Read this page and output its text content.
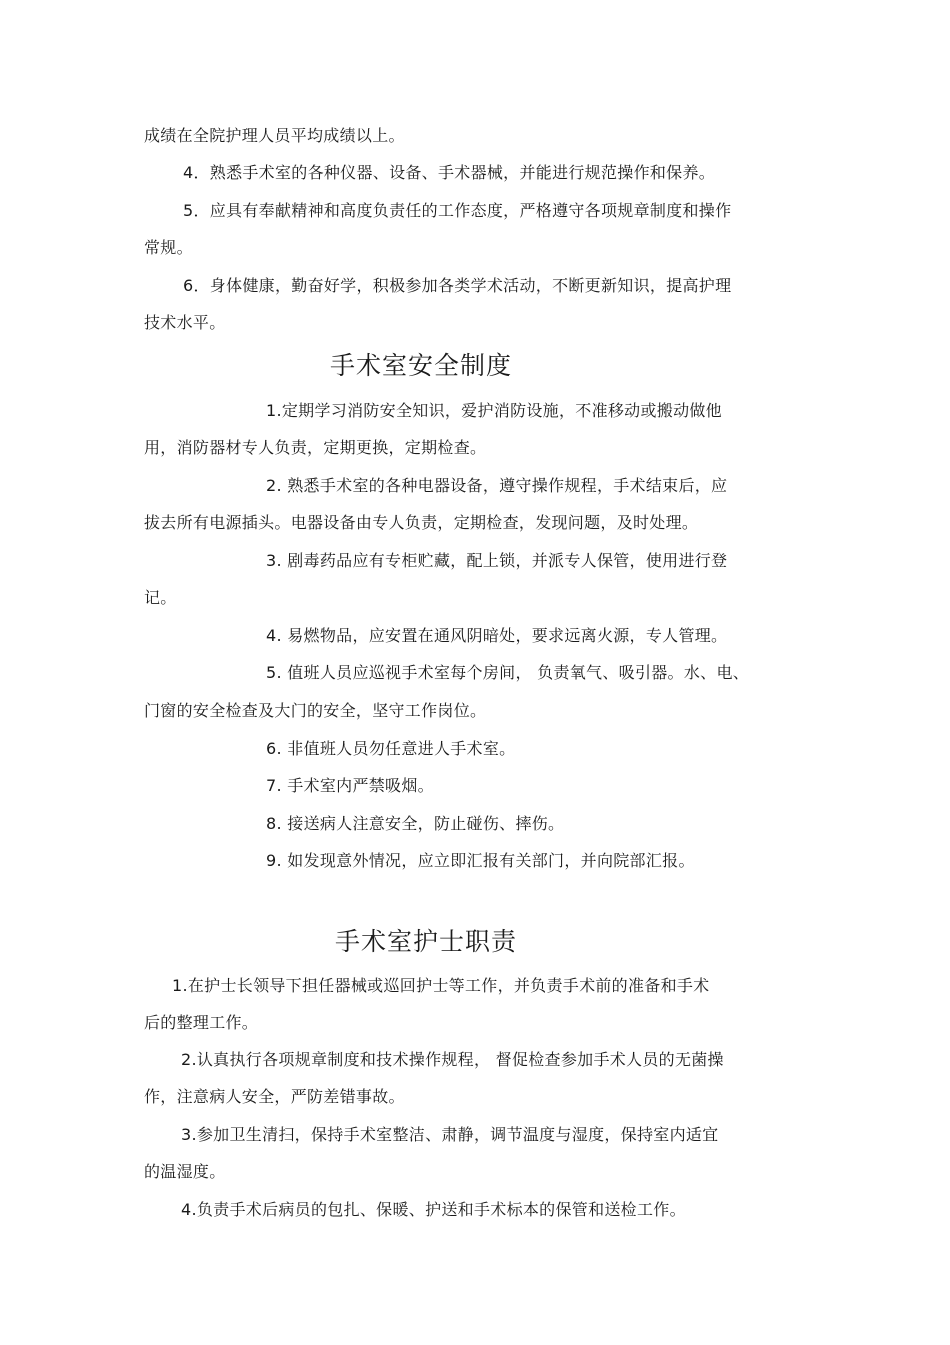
成绩在全院护理人员平均成绩以上。
4．熟悉手术室的各种仪器、设备、手术器械，并能进行规范操作和保养。
5．应具有奉献精神和高度负责任的工作态度，严格遵守各项规章制度和操作
常规。
6．身体健康，勤奋好学，积极参加各类学术活动，不断更新知识，提高护理
技术水平。
手术室安全制度
1.定期学习消防安全知识，爱护消防设施，不准移动或搬动做他
用，消防器材专人负责，定期更换，定期检查。
2. 熟悉手术室的各种电器设备，遵守操作规程，手术结束后，应
拔去所有电源插头。电器设备由专人负责，定期检查，发现问题，及时处理。
3. 剧毒药品应有专柜贮藏，配上锁，并派专人保管，使用进行登
记。
4. 易燃物品，应安置在通风阴暗处，要求远离火源，专人管理。
5. 值班人员应巡视手术室每个房间， 负责氧气、吸引器。水、电、
门窗的安全检查及大门的安全，坚守工作岗位。
6. 非值班人员勿任意进人手术室。
7. 手术室内严禁吸烟。
8. 接送病人注意安全，防止碰伤、摔伤。
9. 如发现意外情况，应立即汇报有关部门，并向院部汇报。
手术室护士职责
1.在护士长领导下担任器械或巡回护士等工作，并负责手术前的准备和手术
后的整理工作。
2.认真执行各项规章制度和技术操作规程， 督促检查参加手术人员的无菌操
作，注意病人安全，严防差错事故。
3.参加卫生清扫，保持手术室整洁、肃静，调节温度与湿度，保持室内适宜
的温湿度。
4.负责手术后病员的包扎、保暖、护送和手术标本的保管和送检工作。
